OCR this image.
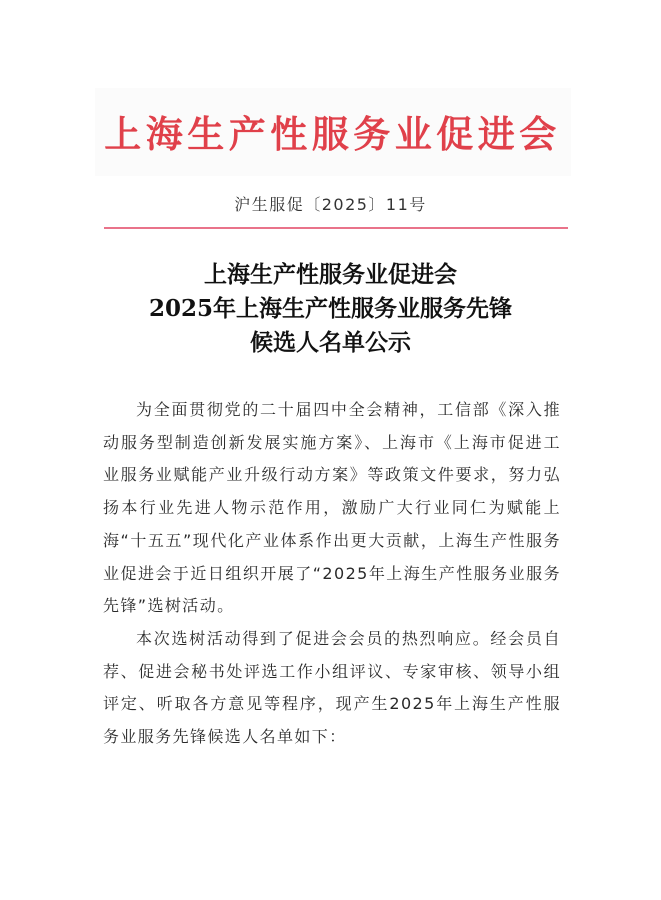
上海生产性服务业促进会
沪生服促〔2025〕11号
上海生产性服务业促进会
2025年上海生产性服务业服务先锋
候选人名单公示

为全面贯彻党的二十届四中全会精神，工信部《深入推动服务型制造创新发展实施方案》、上海市《上海市促进工业服务业赋能产业升级行动方案》等政策文件要求，努力弘扬本行业先进人物示范作用，激励广大行业同仁为赋能上海“十五五”现代化产业体系作出更大贡献，上海生产性服务业促进会于近日组织开展了“2025年上海生产性服务业服务先锋”选树活动。

本次选树活动得到了促进会会员的热烈响应。经会员自荐、促进会秘书处评选工作小组评议、专家审核、领导小组评定、听取各方意见等程序，现产生2025年上海生产性服务业服务先锋候选人名单如下：
